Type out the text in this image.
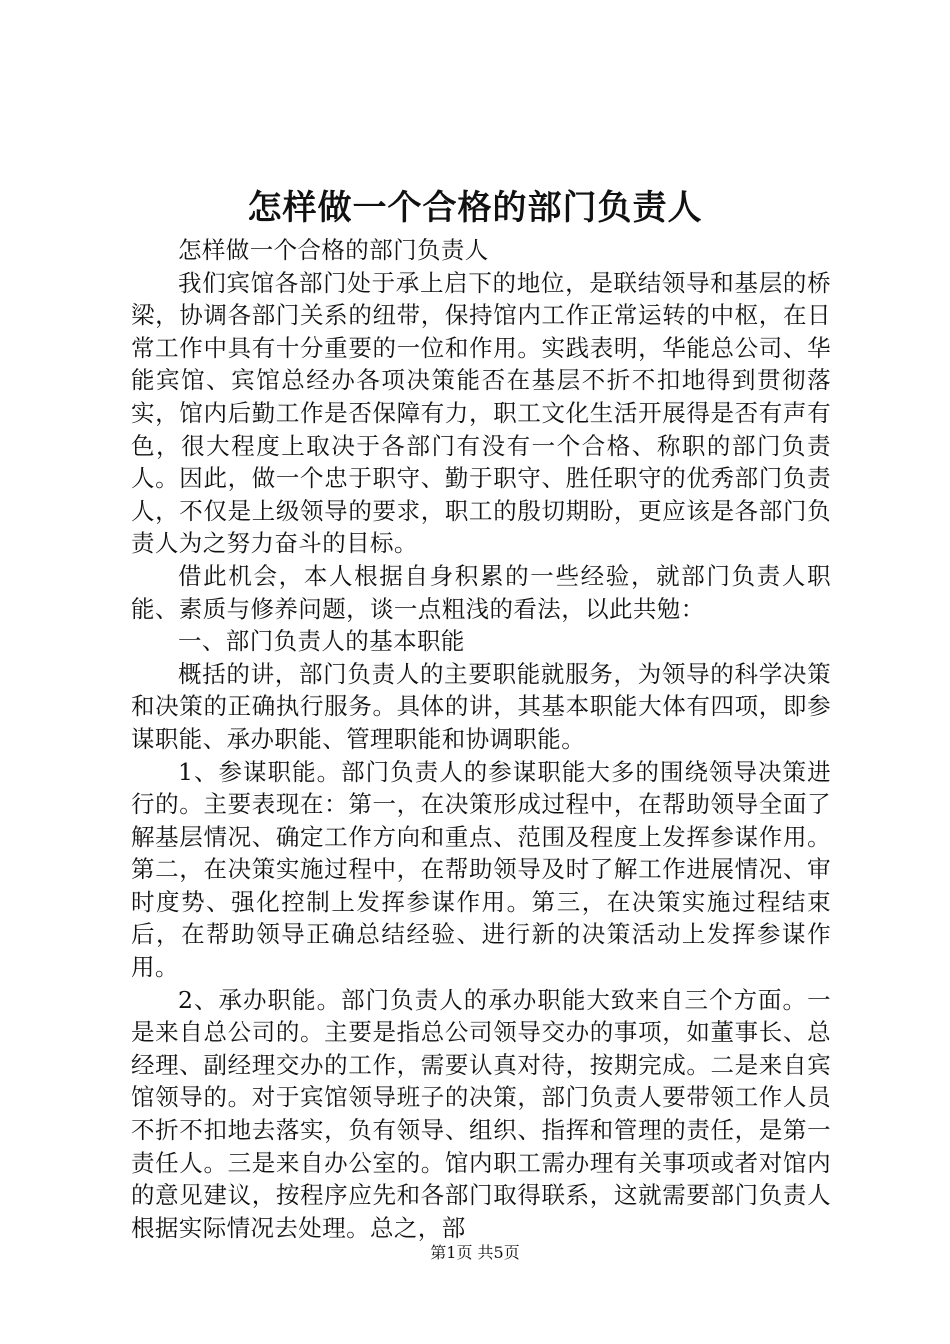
怎样做一个合格的部门负责人

怎样做一个合格的部门负责人

我们宾馆各部门处于承上启下的地位，是联结领导和基层的桥梁，协调各部门关系的纽带，保持馆内工作正常运转的中枢，在日常工作中具有十分重要的一位和作用。实践表明，华能总公司、华能宾馆、宾馆总经办各项决策能否在基层不折不扣地得到贯彻落实，馆内后勤工作是否保障有力，职工文化生活开展得是否有声有色，很大程度上取决于各部门有没有一个合格、称职的部门负责人。因此，做一个忠于职守、勤于职守、胜任职守的优秀部门负责人，不仅是上级领导的要求，职工的殷切期盼，更应该是各部门负责人为之努力奋斗的目标。

借此机会，本人根据自身积累的一些经验，就部门负责人职能、素质与修养问题，谈一点粗浅的看法，以此共勉：

一、部门负责人的基本职能

概括的讲，部门负责人的主要职能就服务，为领导的科学决策和决策的正确执行服务。具体的讲，其基本职能大体有四项，即参谋职能、承办职能、管理职能和协调职能。

1、参谋职能。部门负责人的参谋职能大多的围绕领导决策进行的。主要表现在：第一，在决策形成过程中，在帮助领导全面了解基层情况、确定工作方向和重点、范围及程度上发挥参谋作用。第二，在决策实施过程中，在帮助领导及时了解工作进展情况、审时度势、强化控制上发挥参谋作用。第三，在决策实施过程结束后，在帮助领导正确总结经验、进行新的决策活动上发挥参谋作用。

2、承办职能。部门负责人的承办职能大致来自三个方面。一是来自总公司的。主要是指总公司领导交办的事项，如董事长、总经理、副经理交办的工作，需要认真对待，按期完成。二是来自宾馆领导的。对于宾馆领导班子的决策，部门负责人要带领工作人员不折不扣地去落实，负有领导、组织、指挥和管理的责任，是第一责任人。三是来自办公室的。馆内职工需办理有关事项或者对馆内的意见建议，按程序应先和各部门取得联系，这就需要部门负责人根据实际情况去处理。总之，部

第1页 共5页
